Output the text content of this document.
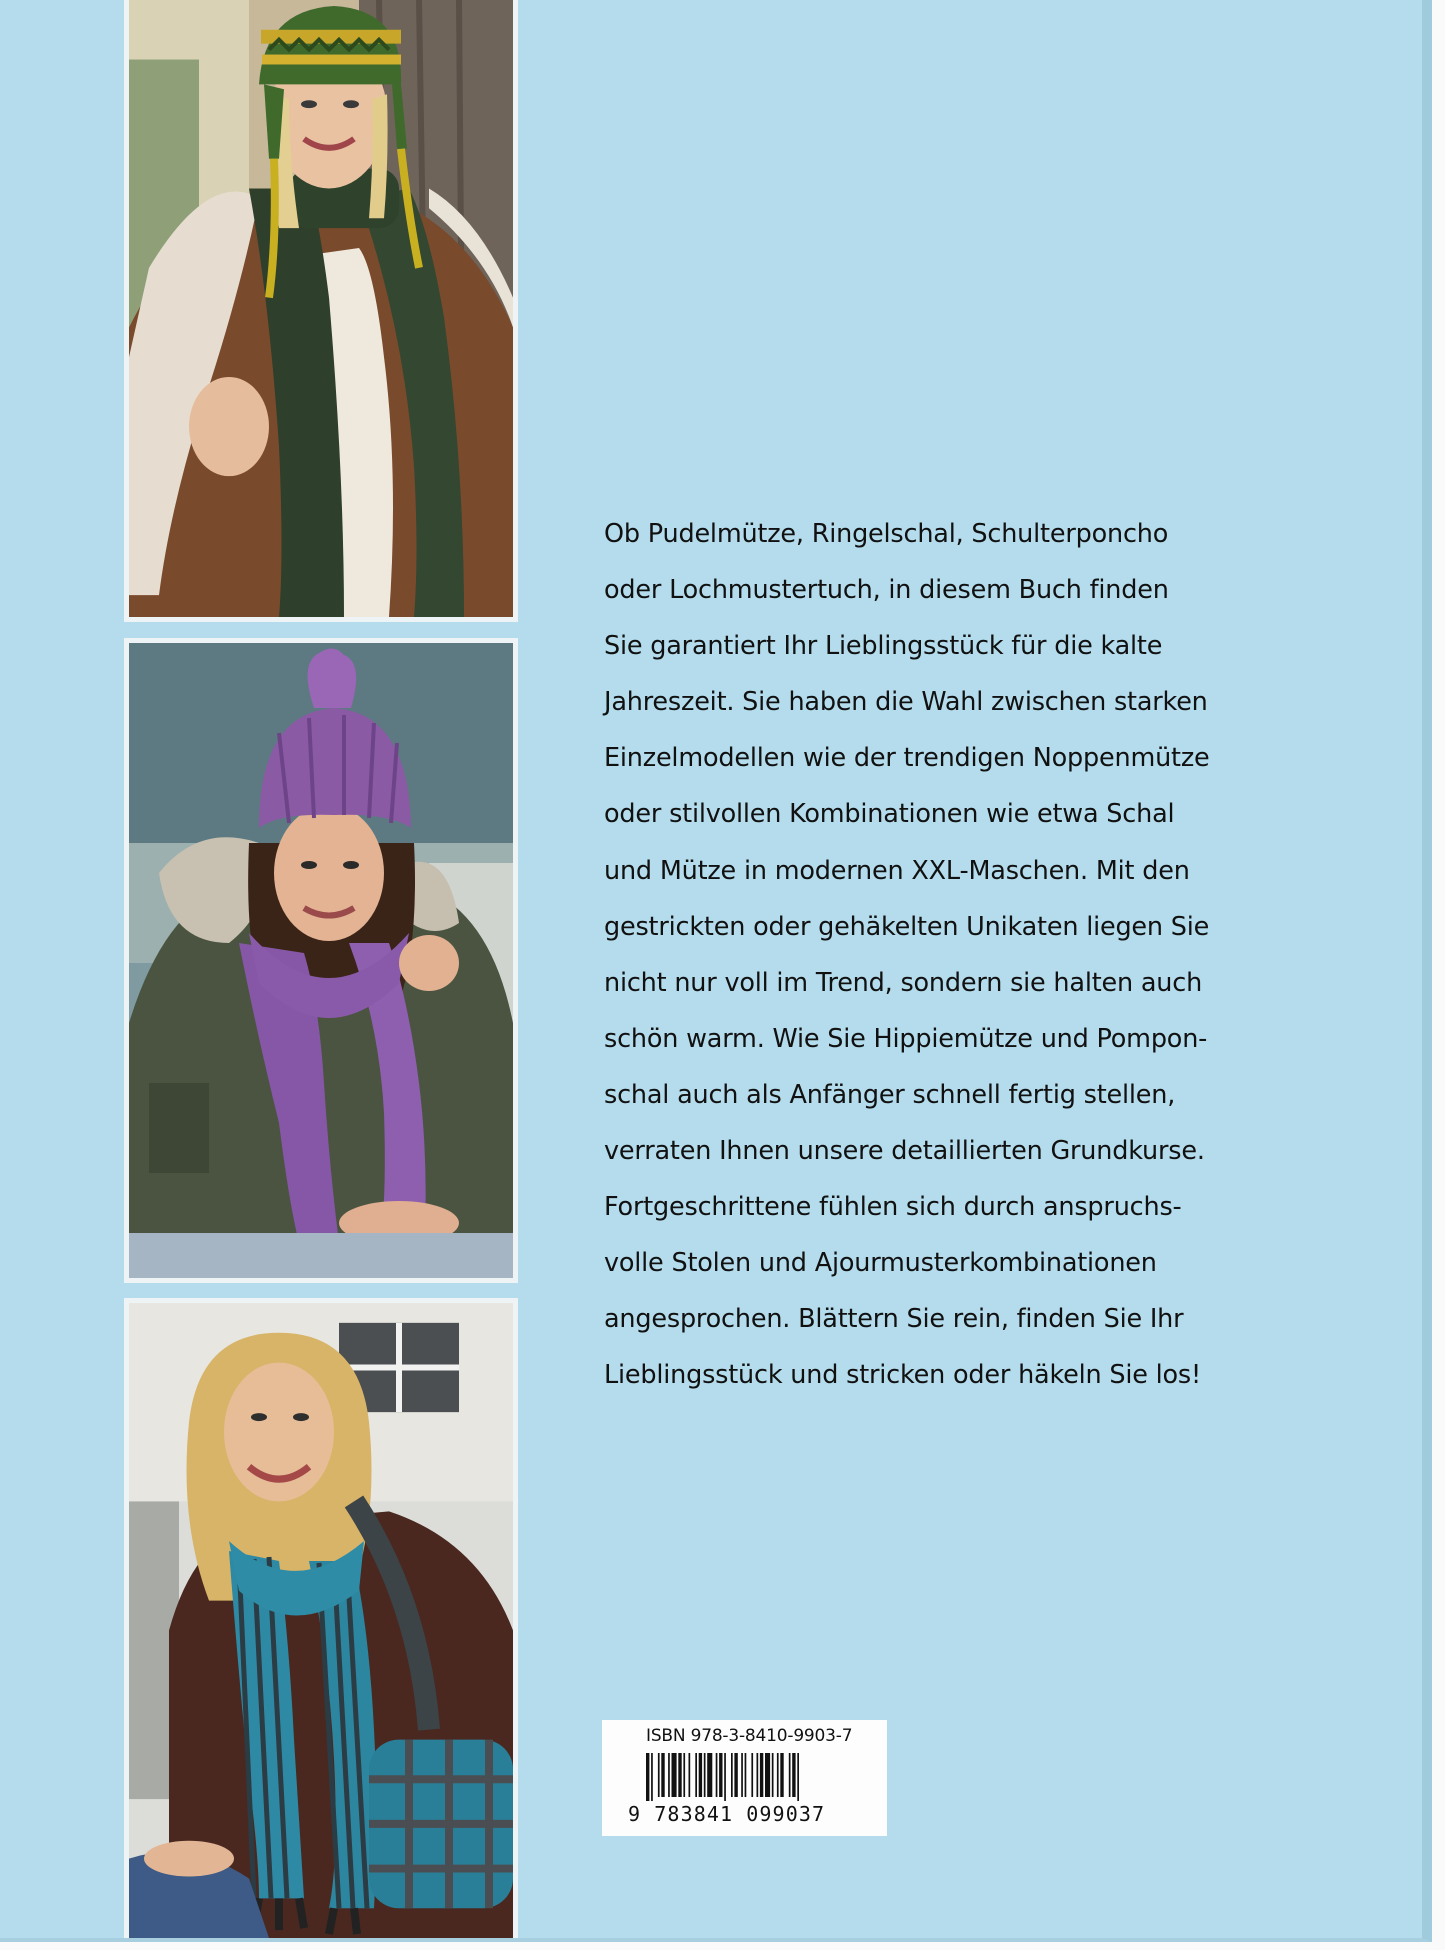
Ob Pudelmütze, Ringelschal, Schulterponcho
oder Lochmustertuch, in diesem Buch finden
Sie garantiert Ihr Lieblingsstück für die kalte
Jahreszeit. Sie haben die Wahl zwischen starken
Einzelmodellen wie der trendigen Noppenmütze
oder stilvollen Kombinationen wie etwa Schal
und Mütze in modernen XXL-Maschen. Mit den
gestrickten oder gehäkelten Unikaten liegen Sie
nicht nur voll im Trend, sondern sie halten auch
schön warm. Wie Sie Hippiemütze und Pompon-
schal auch als Anfänger schnell fertig stellen,
verraten Ihnen unsere detaillierten Grundkurse.
Fortgeschrittene fühlen sich durch anspruchs-
volle Stolen und Ajourmusterkombinationen
angesprochen. Blättern Sie rein, finden Sie Ihr
Lieblingsstück und stricken oder häkeln Sie los!
ISBN 978-3-8410-9903-7
9 783841 099037
